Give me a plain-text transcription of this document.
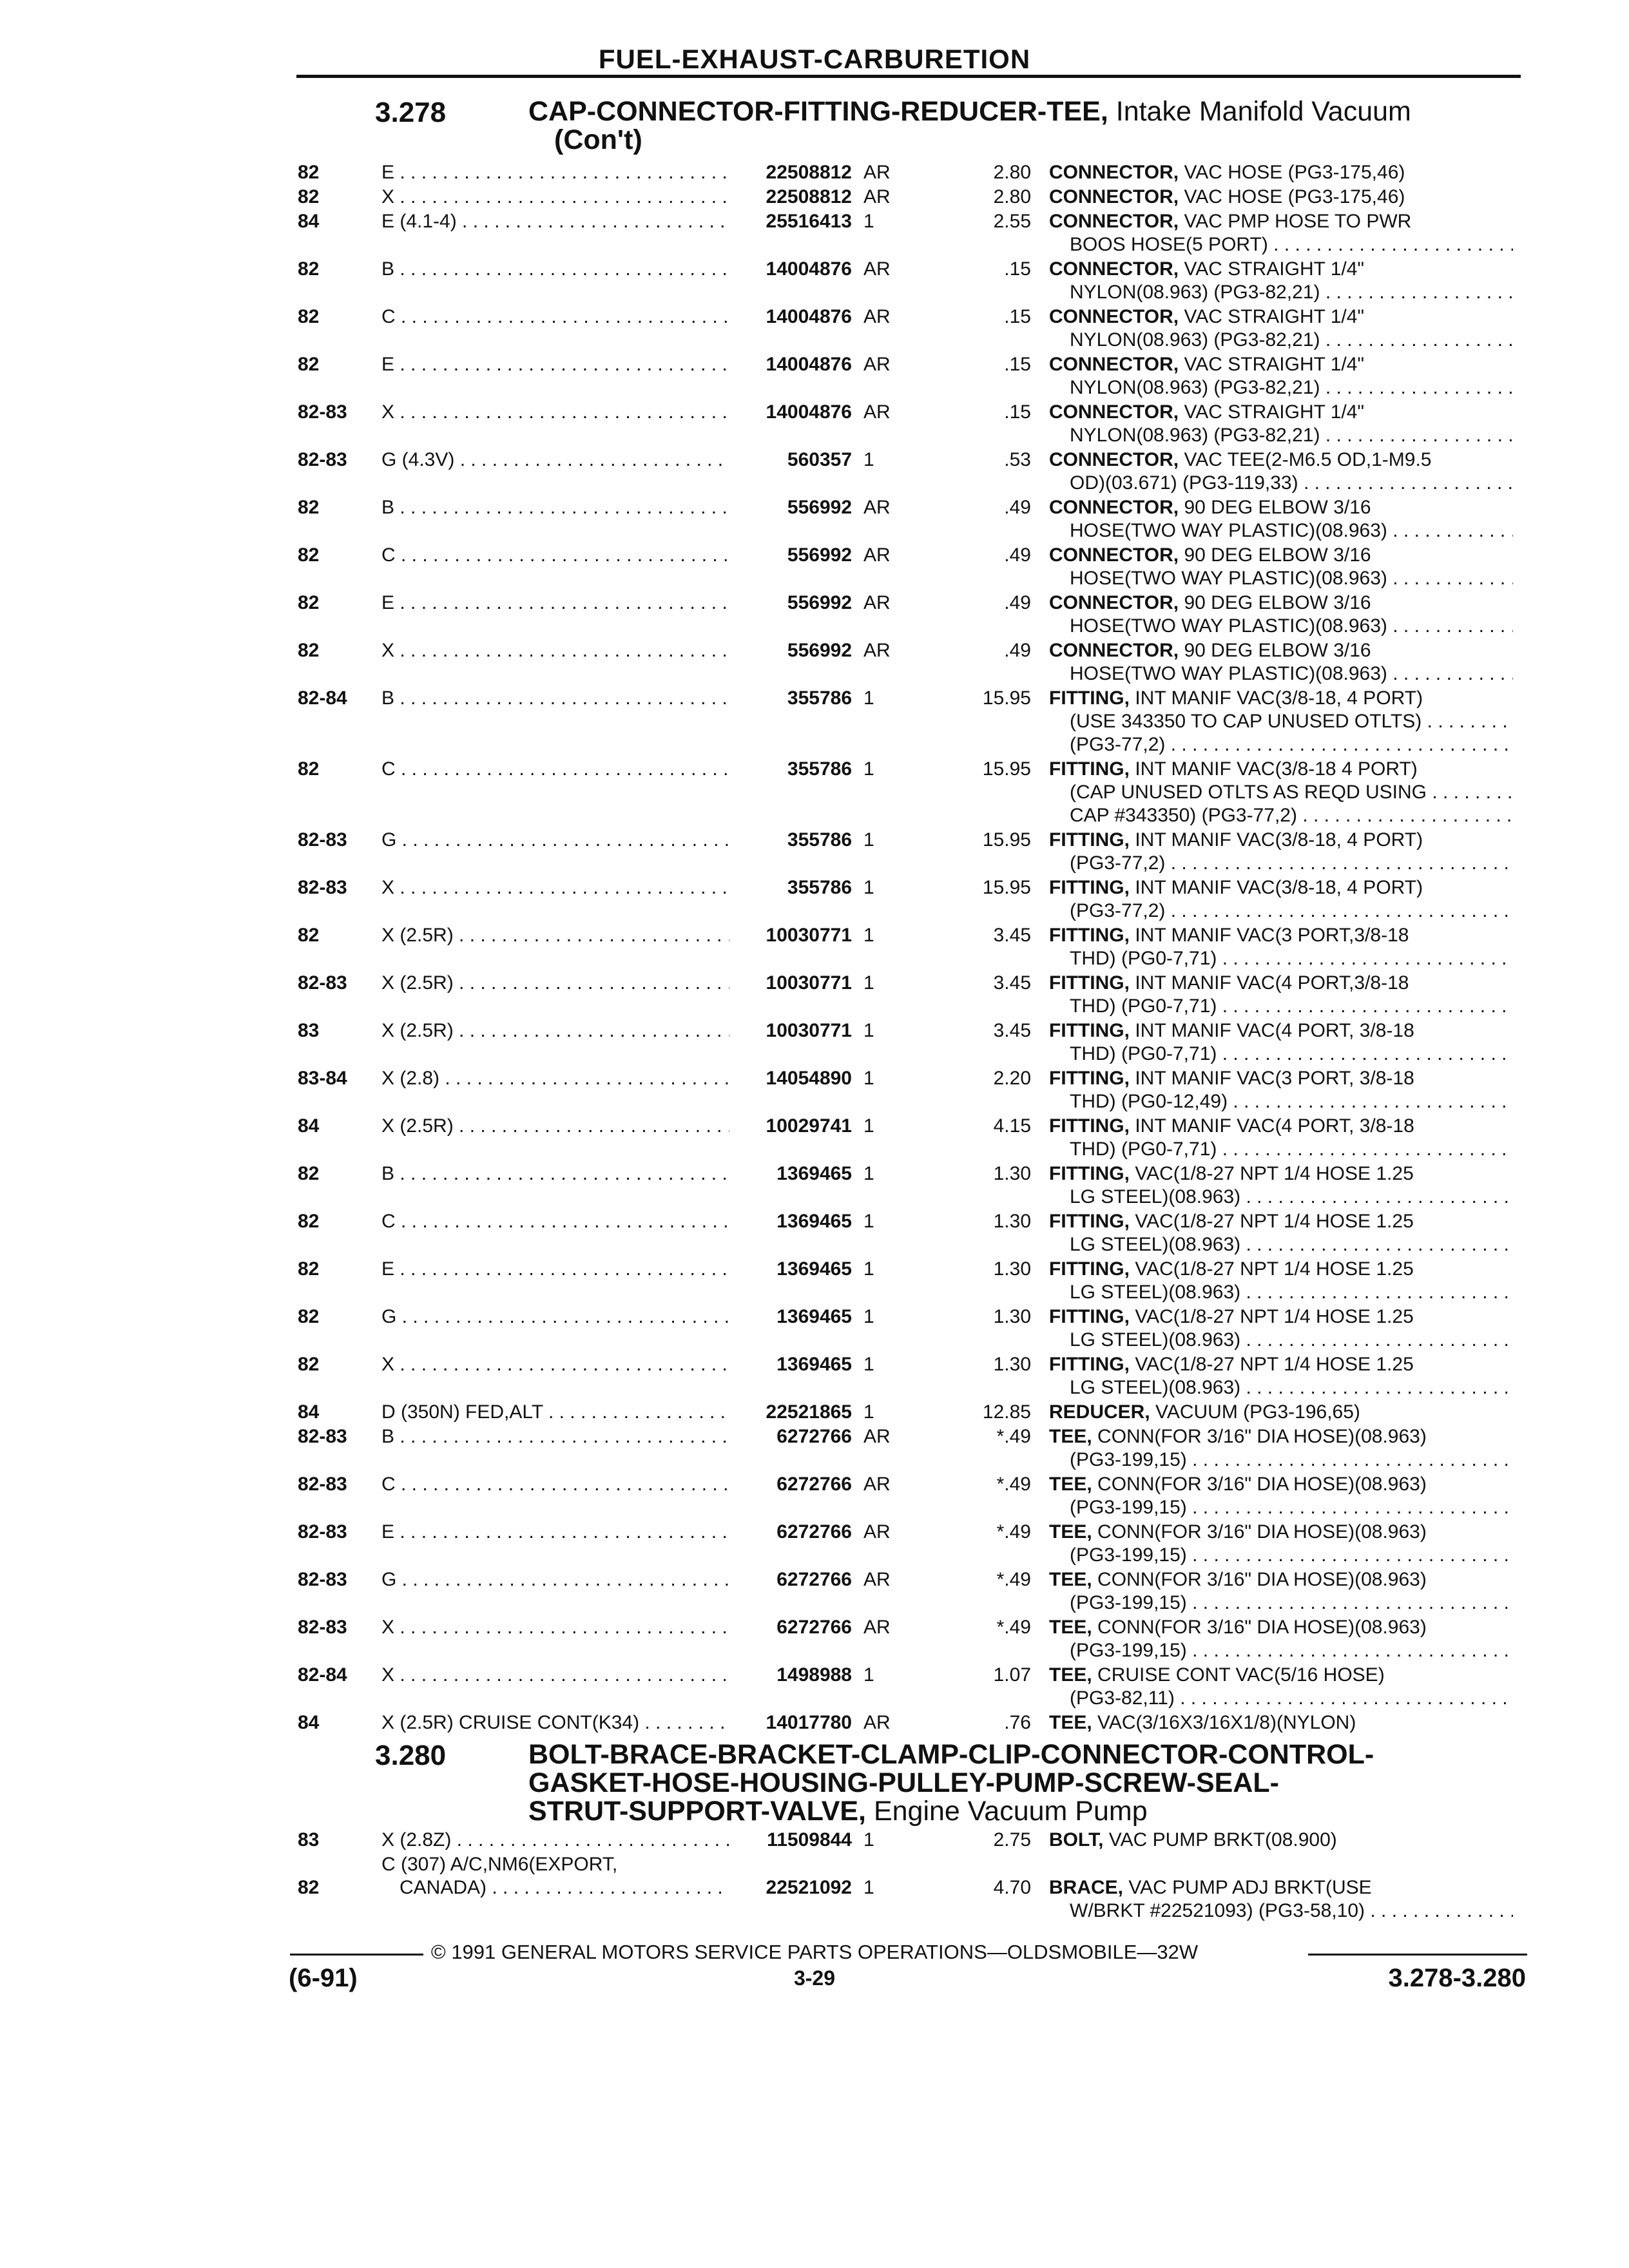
FUEL-EXHAUST-CARBURETION
3.278	CAP-CONNECTOR-FITTING-REDUCER-TEE, Intake Manifold Vacuum
(Con't)
82	E . . .	22508812 AR	2.80 CONNECTOR, VAC HOSE (PG3-175,46)
82	X . . .	22508812 AR	2.80 CONNECTOR, VAC HOSE (PG3-175,46)
84	E (4.1-4) . . .	25516413 1	2.55 CONNECTOR, VAC PMP HOSE TO PWR
BOOS HOSE(5 PORT) . . .
82	B . . .	14004876 AR	.15 CONNECTOR, VAC STRAIGHT 1/4"
NYLON(08.963) (PG3-82,21) . . .
82	C . . .	14004876 AR	.15 CONNECTOR, VAC STRAIGHT 1/4"
NYLON(08.963) (PG3-82,21) . . .
82	E . . .	14004876 AR	.15 CONNECTOR, VAC STRAIGHT 1/4"
NYLON(08.963) (PG3-82,21) . . .
82-83	X . . .	14004876 AR	.15 CONNECTOR, VAC STRAIGHT 1/4"
NYLON(08.963) (PG3-82,21) . . .
82-83	G (4.3V) . . .	560357 1	.53 CONNECTOR, VAC TEE(2-M6.5 OD,1-M9.5
OD)(03.671) (PG3-119,33) . . .
82	B . . .	556992 AR	.49 CONNECTOR, 90 DEG ELBOW 3/16
HOSE(TWO WAY PLASTIC)(08.963) . . .
82	C . . .	556992 AR	.49 CONNECTOR, 90 DEG ELBOW 3/16
HOSE(TWO WAY PLASTIC)(08.963) . . .
82	E . . .	556992 AR	.49 CONNECTOR, 90 DEG ELBOW 3/16
HOSE(TWO WAY PLASTIC)(08.963) . . .
82	X . . .	556992 AR	.49 CONNECTOR, 90 DEG ELBOW 3/16
HOSE(TWO WAY PLASTIC)(08.963) . . .
82-84	B . . .	355786 1	15.95 FITTING, INT MANIF VAC(3/8-18, 4 PORT)
(USE 343350 TO CAP UNUSED OTLTS) . . .
(PG3-77,2) . . .
82	C . . .	355786 1	15.95 FITTING, INT MANIF VAC(3/8-18 4 PORT)
(CAP UNUSED OTLTS AS REQD USING . . .
CAP #343350) (PG3-77,2) . . .
82-83	G . . .	355786 1	15.95 FITTING, INT MANIF VAC(3/8-18, 4 PORT)
(PG3-77,2) . . .
82-83	X . . .	355786 1	15.95 FITTING, INT MANIF VAC(3/8-18, 4 PORT)
(PG3-77,2) . . .
82	X (2.5R) . . .	10030771 1	3.45 FITTING, INT MANIF VAC(3 PORT,3/8-18
THD) (PG0-7,71) . . .
82-83	X (2.5R) . . .	10030771 1	3.45 FITTING, INT MANIF VAC(4 PORT,3/8-18
THD) (PG0-7,71) . . .
83	X (2.5R) . . .	10030771 1	3.45 FITTING, INT MANIF VAC(4 PORT, 3/8-18
THD) (PG0-7,71) . . .
83-84	X (2.8) . . .	14054890 1	2.20 FITTING, INT MANIF VAC(3 PORT, 3/8-18
THD) (PG0-12,49) . . .
84	X (2.5R) . . .	10029741 1	4.15 FITTING, INT MANIF VAC(4 PORT, 3/8-18
THD) (PG0-7,71) . . .
82	B . . .	1369465 1	1.30 FITTING, VAC(1/8-27 NPT 1/4 HOSE 1.25
LG STEEL)(08.963) . . .
82	C . . .	1369465 1	1.30 FITTING, VAC(1/8-27 NPT 1/4 HOSE 1.25
LG STEEL)(08.963) . . .
82	E . . .	1369465 1	1.30 FITTING, VAC(1/8-27 NPT 1/4 HOSE 1.25
LG STEEL)(08.963) . . .
82	G . . .	1369465 1	1.30 FITTING, VAC(1/8-27 NPT 1/4 HOSE 1.25
LG STEEL)(08.963) . . .
82	X . . .	1369465 1	1.30 FITTING, VAC(1/8-27 NPT 1/4 HOSE 1.25
LG STEEL)(08.963) . . .
84	D (350N) FED,ALT . . .	22521865 1	12.85 REDUCER, VACUUM (PG3-196,65)
82-83	B . . .	6272766 AR	*.49 TEE, CONN(FOR 3/16" DIA HOSE)(08.963)
(PG3-199,15) . . .
82-83	C . . .	6272766 AR	*.49 TEE, CONN(FOR 3/16" DIA HOSE)(08.963)
(PG3-199,15) . . .
82-83	E . . .	6272766 AR	*.49 TEE, CONN(FOR 3/16" DIA HOSE)(08.963)
(PG3-199,15) . . .
82-83	G . . .	6272766 AR	*.49 TEE, CONN(FOR 3/16" DIA HOSE)(08.963)
(PG3-199,15) . . .
82-83	X . . .	6272766 AR	*.49 TEE, CONN(FOR 3/16" DIA HOSE)(08.963)
(PG3-199,15) . . .
82-84	X . . .	1498988 1	1.07 TEE, CRUISE CONT VAC(5/16 HOSE)
(PG3-82,11) . . .
84	X (2.5R) CRUISE CONT(K34) . . .	14017780 AR	.76 TEE, VAC(3/16X3/16X1/8)(NYLON)
3.280	BOLT-BRACE-BRACKET-CLAMP-CLIP-CONNECTOR-CONTROL-
GASKET-HOSE-HOUSING-PULLEY-PUMP-SCREW-SEAL-
STRUT-SUPPORT-VALVE, Engine Vacuum Pump
83	X (2.8Z) . . .	11509844 1	2.75 BOLT, VAC PUMP BRKT(08.900)
C (307) A/C,NM6(EXPORT,
82	CANADA) . . .	22521092 1	4.70 BRACE, VAC PUMP ADJ BRKT(USE
W/BRKT #22521093) (PG3-58,10) . . .
© 1991 GENERAL MOTORS SERVICE PARTS OPERATIONS—OLDSMOBILE—32W
(6-91)	3-29	3.278-3.280
